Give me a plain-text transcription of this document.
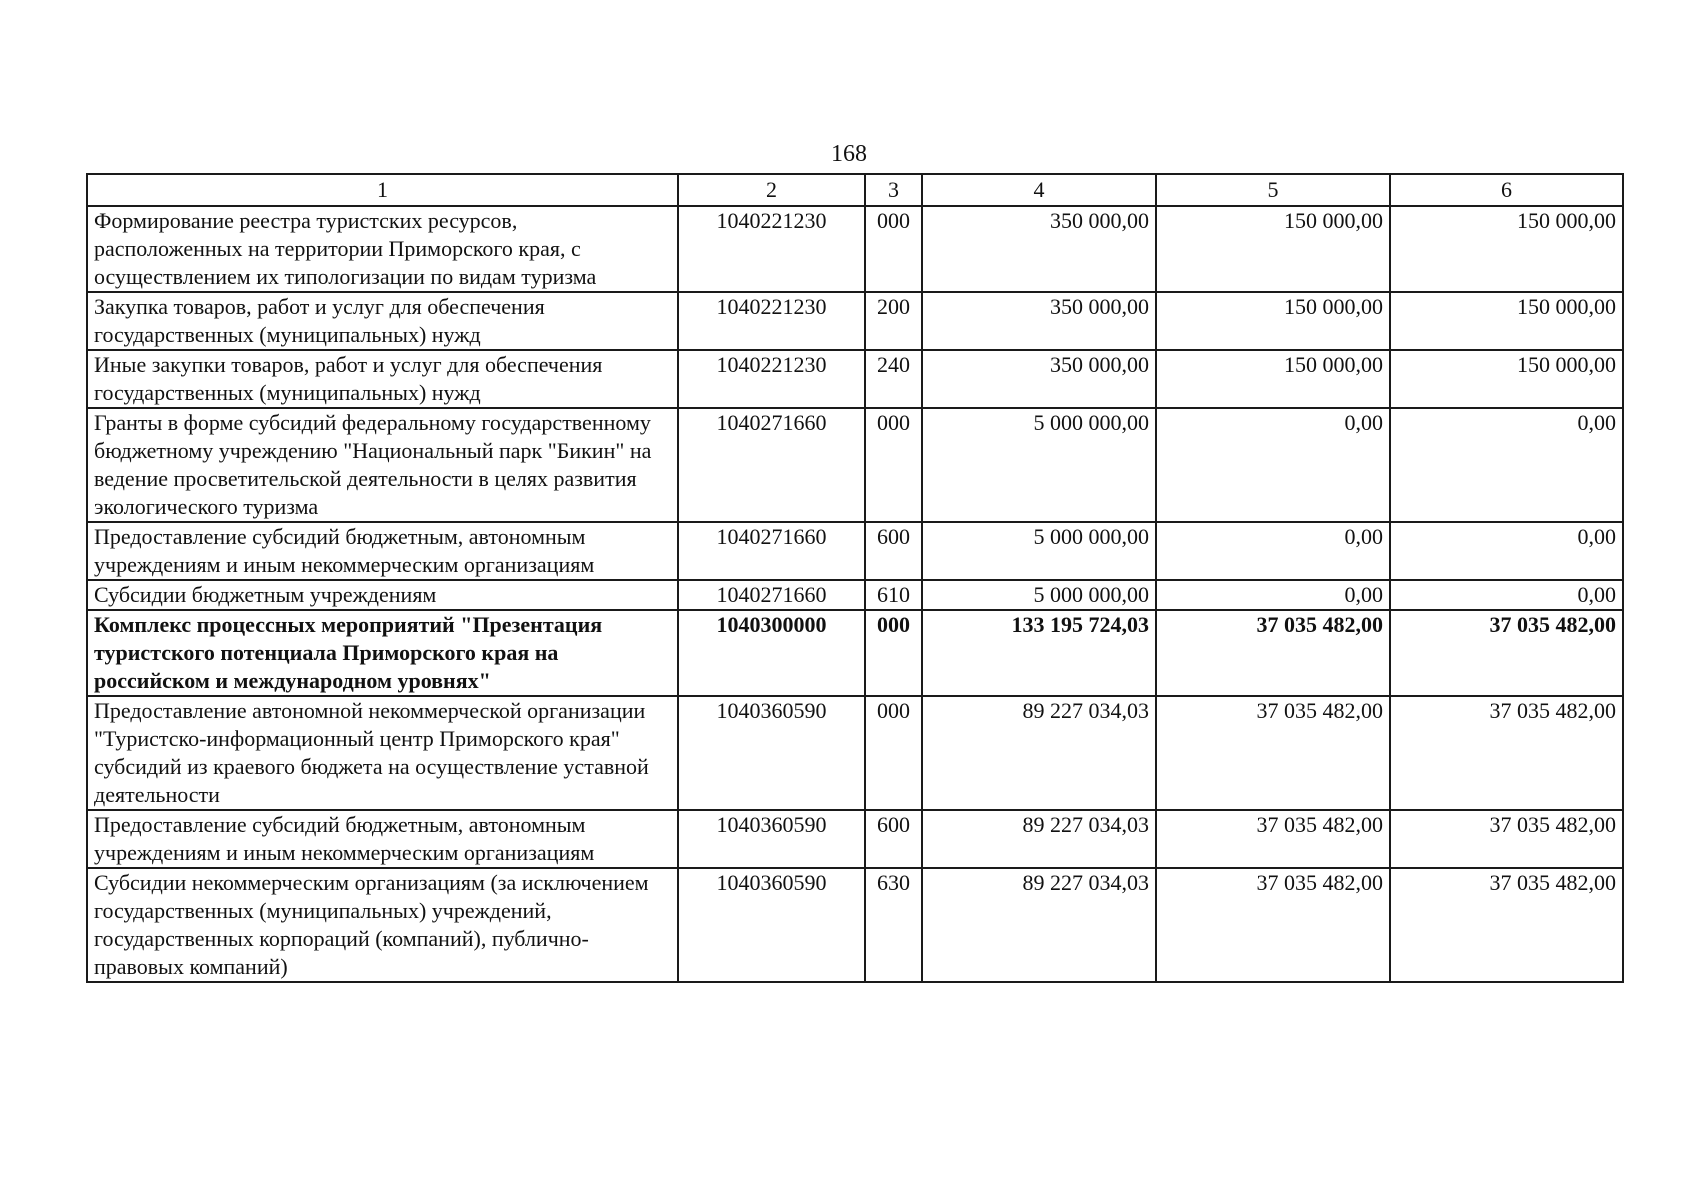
168
1	2	3	4	5	6
Формирование реестра туристских ресурсов, расположенных на территории Приморского края, с осуществлением их типологизации по видам туризма	1040221230	000	350 000,00	150 000,00	150 000,00
Закупка товаров, работ и услуг для обеспечения государственных (муниципальных) нужд	1040221230	200	350 000,00	150 000,00	150 000,00
Иные закупки товаров, работ и услуг для обеспечения государственных (муниципальных) нужд	1040221230	240	350 000,00	150 000,00	150 000,00
Гранты в форме субсидий федеральному государственному бюджетному учреждению "Национальный парк "Бикин" на ведение просветительской деятельности в целях развития экологического туризма	1040271660	000	5 000 000,00	0,00	0,00
Предоставление субсидий бюджетным, автономным учреждениям и иным некоммерческим организациям	1040271660	600	5 000 000,00	0,00	0,00
Субсидии бюджетным учреждениям	1040271660	610	5 000 000,00	0,00	0,00
Комплекс процессных мероприятий "Презентация туристского потенциала Приморского края на российском и международном уровнях"	1040300000	000	133 195 724,03	37 035 482,00	37 035 482,00
Предоставление автономной некоммерческой организации "Туристско-информационный центр Приморского края" субсидий из краевого бюджета на осуществление уставной деятельности	1040360590	000	89 227 034,03	37 035 482,00	37 035 482,00
Предоставление субсидий бюджетным, автономным учреждениям и иным некоммерческим организациям	1040360590	600	89 227 034,03	37 035 482,00	37 035 482,00
Субсидии некоммерческим организациям (за исключением государственных (муниципальных) учреждений, государственных корпораций (компаний), публично-правовых компаний)	1040360590	630	89 227 034,03	37 035 482,00	37 035 482,00
